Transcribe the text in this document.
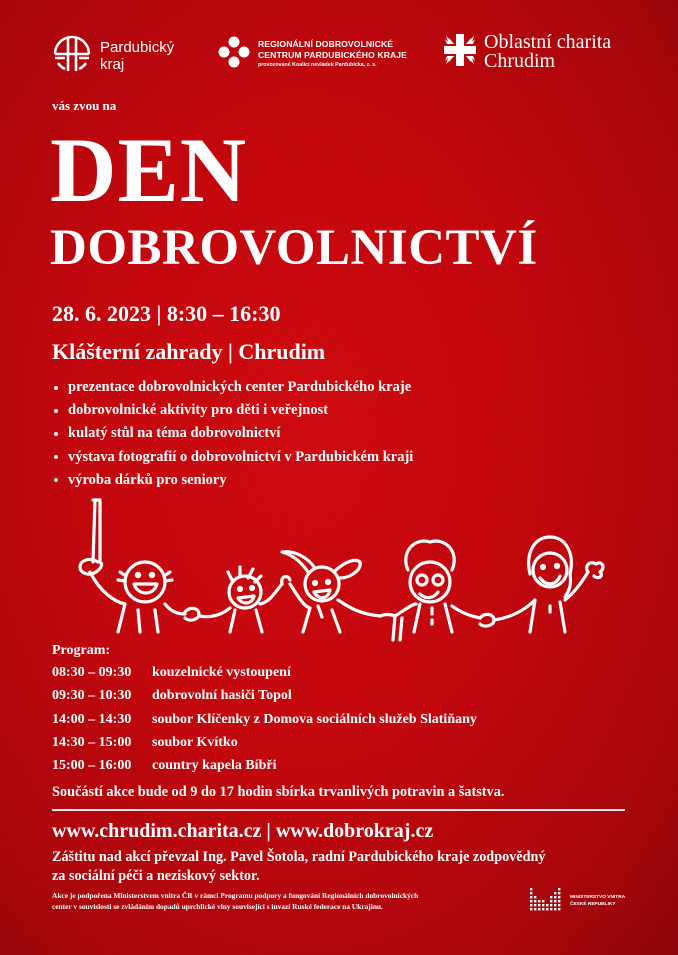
Pardubický
kraj
REGIONÁLNÍ DOBROVOLNICKÉ
CENTRUM PARDUBICKÉHO KRAJE
provozované Koalicí nevládek Pardubicka, z. s.
Oblastní charita
Chrudim
vás zvou na
DEN
DOBROVOLNICTVÍ
28. 6. 2023 | 8:30 – 16:30
Klášterní zahrady | Chrudim
prezentace dobrovolnických center Pardubického kraje
dobrovolnické aktivity pro děti i veřejnost
kulatý stůl na téma dobrovolnictví
výstava fotografií o dobrovolnictví v Pardubickém kraji
výroba dárků pro seniory
Program:
08:30 – 09:30	kouzelnické vystoupení
09:30 – 10:30	dobrovolní hasiči Topol
14:00 – 14:30	soubor Klíčenky z Domova sociálních služeb Slatiňany
14:30 – 15:00	soubor Kvítko
15:00 – 16:00	country kapela Bíbři
Součástí akce bude od 9 do 17 hodin sbírka trvanlivých potravin a šatstva.
www.chrudim.charita.cz | www.dobrokraj.cz
Záštitu nad akcí převzal Ing. Pavel Šotola, radní Pardubického kraje zodpovědný
za sociální péči a neziskový sektor.
Akce je podpořena Ministerstvem vnitra ČR v rámci Programu podpory a fungování Regionálních dobrovolnických
center v souvislosti se zvládáním dopadů uprchlické vlny související s invazí Ruské federace na Ukrajinu.
MINISTERSTVO VNITRA
ČESKÉ REPUBLIKY
